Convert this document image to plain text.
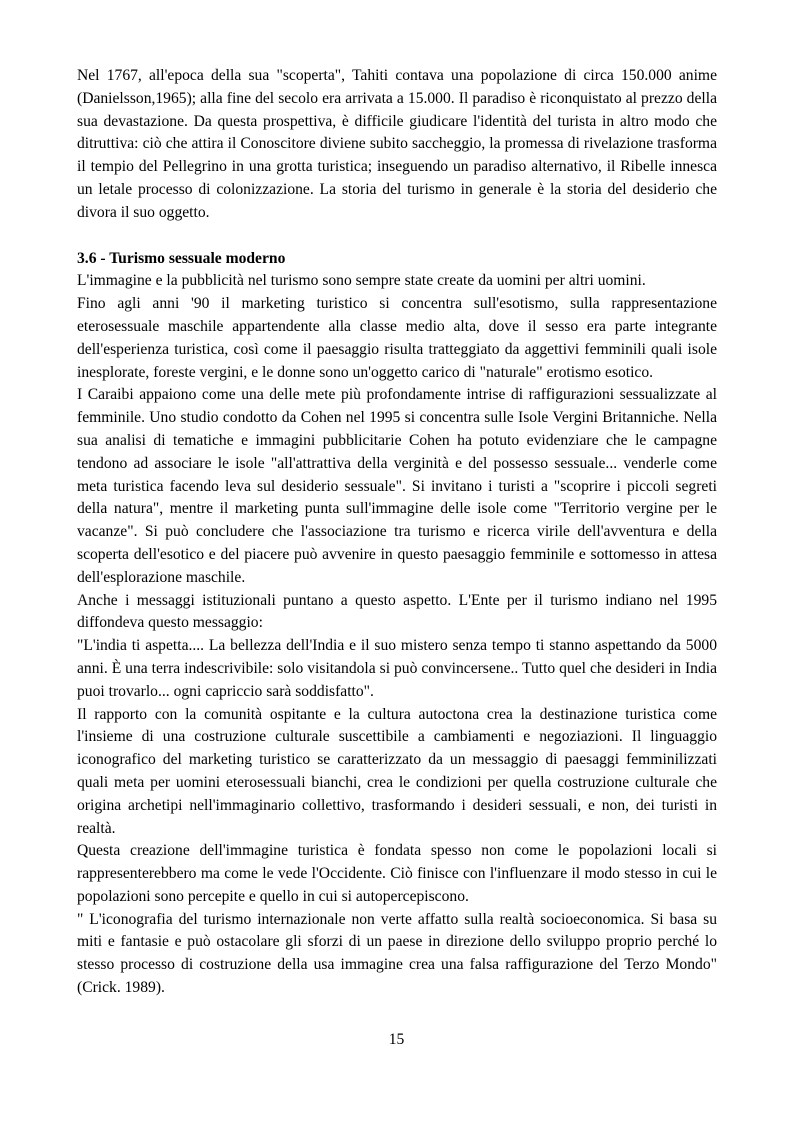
Nel 1767, all'epoca della sua "scoperta", Tahiti contava una popolazione di circa 150.000 anime (Danielsson,1965); alla fine del secolo era arrivata a 15.000. Il paradiso è riconquistato al prezzo della sua devastazione. Da questa prospettiva, è difficile giudicare l'identità del turista in altro modo che ditruttiva: ciò che attira il Conoscitore diviene subito saccheggio, la promessa di rivelazione trasforma il tempio del Pellegrino in una grotta turistica; inseguendo un paradiso alternativo, il Ribelle innesca un letale processo di colonizzazione. La storia del turismo in generale è la storia del desiderio che divora il suo oggetto.

3.6 - Turismo sessuale moderno

L'immagine e la pubblicità nel turismo sono sempre state create da uomini per altri uomini.

Fino agli anni '90 il marketing turistico si concentra sull'esotismo, sulla rappresentazione eterosessuale maschile appartendente alla classe medio alta, dove il sesso era parte integrante dell'esperienza turistica, così come il paesaggio risulta tratteggiato da aggettivi femminili quali isole inesplorate, foreste vergini, e le donne sono un'oggetto carico di "naturale" erotismo esotico.

I Caraibi appaiono come una delle mete più profondamente intrise di raffigurazioni sessualizzate al femminile. Uno studio condotto da Cohen nel 1995 si concentra sulle Isole Vergini Britanniche. Nella sua analisi di tematiche e immagini pubblicitarie Cohen ha potuto evidenziare che le campagne tendono ad associare le isole "all'attrattiva della verginità e del possesso sessuale... venderle come meta turistica facendo leva sul desiderio sessuale". Si invitano i turisti a "scoprire i piccoli segreti della natura", mentre il marketing punta sull'immagine delle isole come "Territorio vergine per le vacanze". Si può concludere che l'associazione tra turismo e ricerca virile dell'avventura e della scoperta dell'esotico e del piacere può avvenire in questo paesaggio femminile e sottomesso in attesa dell'esplorazione maschile.

Anche i messaggi istituzionali puntano a questo aspetto. L'Ente per il turismo indiano nel 1995 diffondeva questo messaggio:

"L'india ti aspetta.... La bellezza dell'India e il suo mistero senza tempo ti stanno aspettando da 5000 anni. È una terra indescrivibile: solo visitandola si può convincersene.. Tutto quel che desideri in India puoi trovarlo... ogni capriccio sarà soddisfatto".

Il rapporto con la comunità ospitante e la cultura autoctona crea la destinazione turistica come l'insieme di una costruzione culturale suscettibile a cambiamenti e negoziazioni. Il linguaggio iconografico del marketing turistico se caratterizzato da un messaggio di paesaggi femminilizzati quali meta per uomini eterosessuali bianchi, crea le condizioni per quella costruzione culturale che origina archetipi nell'immaginario collettivo, trasformando i desideri sessuali, e non, dei turisti in realtà.

Questa creazione dell'immagine turistica è fondata spesso non come le popolazioni locali si rappresenterebbero ma come le vede l'Occidente. Ciò finisce con l'influenzare il modo stesso in cui le popolazioni sono percepite e quello in cui si autopercepiscono.

" L'iconografia del turismo internazionale non verte affatto sulla realtà socioeconomica. Si basa su miti e fantasie e può ostacolare gli sforzi di un paese in direzione dello sviluppo proprio perché lo stesso processo di costruzione della usa immagine crea una falsa raffigurazione del Terzo Mondo" (Crick. 1989).

15
